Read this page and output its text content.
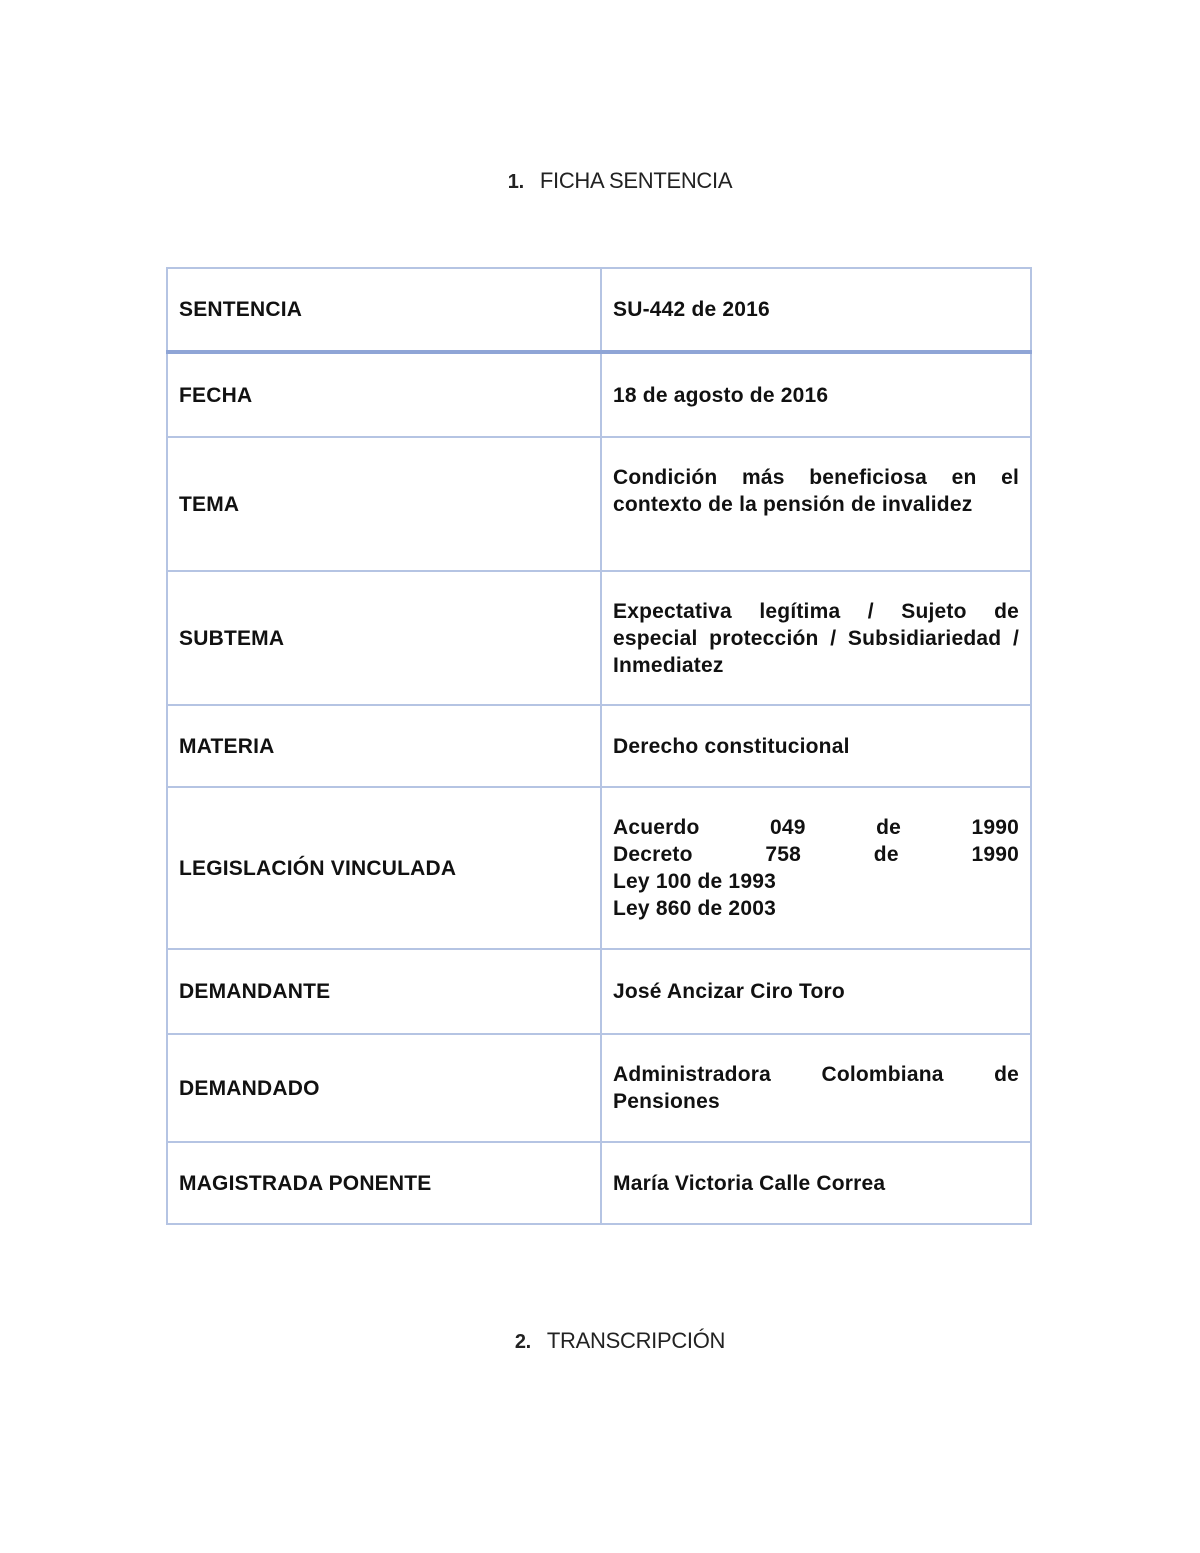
1. FICHA SENTENCIA
SENTENCIA	SU-442 de 2016
FECHA	18 de agosto de 2016
TEMA	Condición más beneficiosa en el contexto de la pensión de invalidez
SUBTEMA	Expectativa legítima / Sujeto de especial protección / Subsidiariedad / Inmediatez
MATERIA	Derecho constitucional
LEGISLACIÓN VINCULADA	Acuerdo 049 de 1990
Decreto 758 de 1990
Ley 100 de 1993
Ley 860 de 2003

DEMANDANTE	José Ancizar Ciro Toro
DEMANDADO	Administradora Colombiana de Pensiones
MAGISTRADA PONENTE	María Victoria Calle Correa
2. TRANSCRIPCIÓN
